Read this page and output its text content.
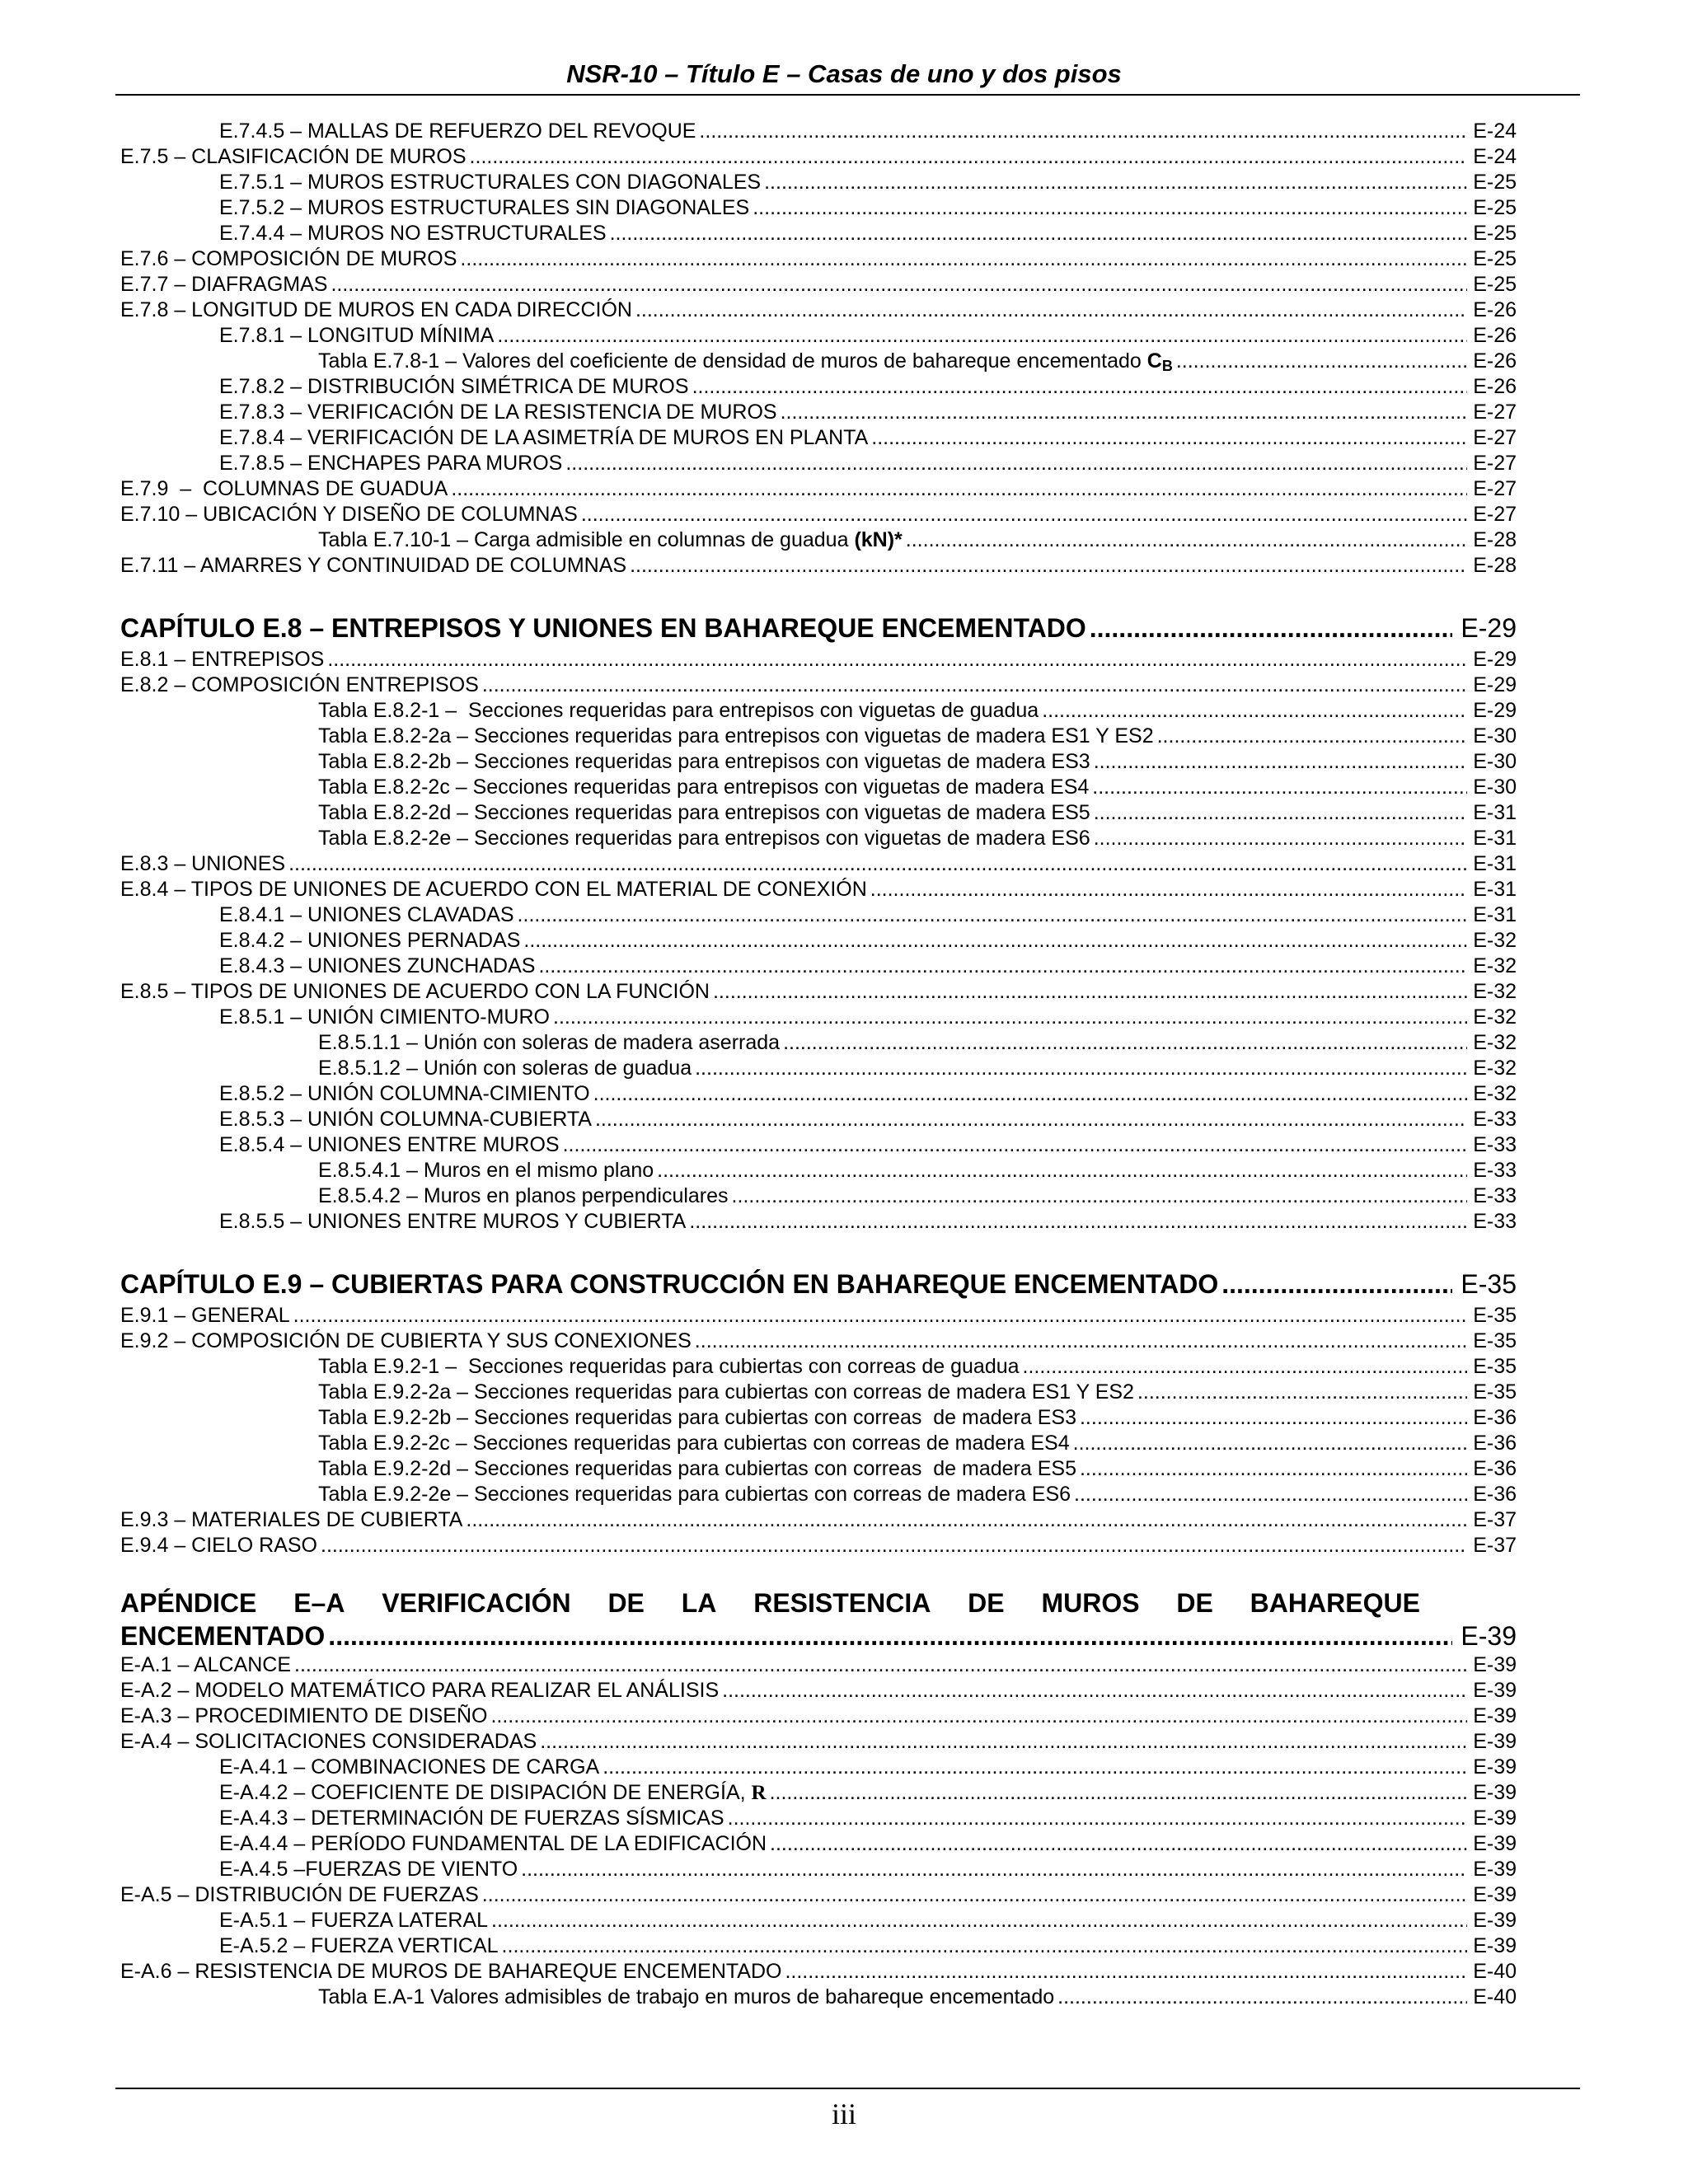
NSR-10 – Título E – Casas de uno y dos pisos
E.7.4.5 – MALLAS DE REFUERZO DEL REVOQUE .....	E-24
E.7.5 – CLASIFICACIÓN DE MUROS .....	E-24
E.7.5.1 – MUROS ESTRUCTURALES CON DIAGONALES .....	E-25
E.7.5.2 – MUROS ESTRUCTURALES SIN DIAGONALES .....	E-25
E.7.4.4 – MUROS NO ESTRUCTURALES .....	E-25
E.7.6 – COMPOSICIÓN DE MUROS .....	E-25
E.7.7 – DIAFRAGMAS .....	E-25
E.7.8 – LONGITUD DE MUROS EN CADA DIRECCIÓN .....	E-26
E.7.8.1 – LONGITUD MÍNIMA .....	E-26
Tabla E.7.8-1 – Valores del coeficiente de densidad de muros de bahareque encementado $C_B$ .....	E-26
E.7.8.2 – DISTRIBUCIÓN SIMÉTRICA DE MUROS .....	E-26
E.7.8.3 – VERIFICACIÓN DE LA RESISTENCIA DE MUROS .....	E-27
E.7.8.4 – VERIFICACIÓN DE LA ASIMETRÍA DE MUROS EN PLANTA .....	E-27
E.7.8.5 – ENCHAPES PARA MUROS .....	E-27
E.7.9  –  COLUMNAS DE GUADUA .....	E-27
E.7.10 – UBICACIÓN Y DISEÑO DE COLUMNAS .....	E-27
Tabla E.7.10-1 – Carga admisible en columnas de guadua (kN)* .....	E-28
E.7.11 – AMARRES Y CONTINUIDAD DE COLUMNAS .....	E-28
CAPÍTULO E.8 – ENTREPISOS Y UNIONES EN BAHAREQUE ENCEMENTADO .....	E-29
E.8.1 – ENTREPISOS .....	E-29
E.8.2 – COMPOSICIÓN ENTREPISOS .....	E-29
Tabla E.8.2-1 –  Secciones requeridas para entrepisos con viguetas de guadua .....	E-29
Tabla E.8.2-2a – Secciones requeridas para entrepisos con viguetas de madera ES1 Y ES2 .....	E-30
Tabla E.8.2-2b – Secciones requeridas para entrepisos con viguetas de madera ES3 .....	E-30
Tabla E.8.2-2c – Secciones requeridas para entrepisos con viguetas de madera ES4 .....	E-30
Tabla E.8.2-2d – Secciones requeridas para entrepisos con viguetas de madera ES5 .....	E-31
Tabla E.8.2-2e – Secciones requeridas para entrepisos con viguetas de madera ES6 .....	E-31
E.8.3 – UNIONES .....	E-31
E.8.4 – TIPOS DE UNIONES DE ACUERDO CON EL MATERIAL DE CONEXIÓN .....	E-31
E.8.4.1 – UNIONES CLAVADAS .....	E-31
E.8.4.2 – UNIONES PERNADAS .....	E-32
E.8.4.3 – UNIONES ZUNCHADAS .....	E-32
E.8.5 – TIPOS DE UNIONES DE ACUERDO CON LA FUNCIÓN .....	E-32
E.8.5.1 – UNIÓN CIMIENTO-MURO .....	E-32
E.8.5.1.1 – Unión con soleras de madera aserrada .....	E-32
E.8.5.1.2 – Unión con soleras de guadua .....	E-32
E.8.5.2 – UNIÓN COLUMNA-CIMIENTO .....	E-32
E.8.5.3 – UNIÓN COLUMNA-CUBIERTA .....	E-33
E.8.5.4 – UNIONES ENTRE MUROS .....	E-33
E.8.5.4.1 – Muros en el mismo plano .....	E-33
E.8.5.4.2 – Muros en planos perpendiculares .....	E-33
E.8.5.5 – UNIONES ENTRE MUROS Y CUBIERTA .....	E-33
CAPÍTULO E.9 – CUBIERTAS PARA CONSTRUCCIÓN EN BAHAREQUE ENCEMENTADO .....	E-35
E.9.1 – GENERAL .....	E-35
E.9.2 – COMPOSICIÓN DE CUBIERTA Y SUS CONEXIONES .....	E-35
Tabla E.9.2-1 –  Secciones requeridas para cubiertas con correas de guadua .....	E-35
Tabla E.9.2-2a – Secciones requeridas para cubiertas con correas de madera ES1 Y ES2 .....	E-35
Tabla E.9.2-2b – Secciones requeridas para cubiertas con correas  de madera ES3 .....	E-36
Tabla E.9.2-2c – Secciones requeridas para cubiertas con correas de madera ES4 .....	E-36
Tabla E.9.2-2d – Secciones requeridas para cubiertas con correas  de madera ES5 .....	E-36
Tabla E.9.2-2e – Secciones requeridas para cubiertas con correas de madera ES6 .....	E-36
E.9.3 – MATERIALES DE CUBIERTA .....	E-37
E.9.4 – CIELO RASO .....	E-37
APÉNDICE E–A VERIFICACIÓN DE LA RESISTENCIA DE MUROS DE BAHAREQUE
ENCEMENTADO .....	E-39
E-A.1 – ALCANCE .....	E-39
E-A.2 – MODELO MATEMÁTICO PARA REALIZAR EL ANÁLISIS .....	E-39
E-A.3 – PROCEDIMIENTO DE DISEÑO .....	E-39
E-A.4 – SOLICITACIONES CONSIDERADAS .....	E-39
E-A.4.1 – COMBINACIONES DE CARGA .....	E-39
E-A.4.2 – COEFICIENTE DE DISIPACIÓN DE ENERGÍA, R .....	E-39
E-A.4.3 – DETERMINACIÓN DE FUERZAS SÍSMICAS .....	E-39
E-A.4.4 – PERÍODO FUNDAMENTAL DE LA EDIFICACIÓN .....	E-39
E-A.4.5 –FUERZAS DE VIENTO .....	E-39
E-A.5 – DISTRIBUCIÓN DE FUERZAS .....	E-39
E-A.5.1 – FUERZA LATERAL .....	E-39
E-A.5.2 – FUERZA VERTICAL .....	E-39
E-A.6 – RESISTENCIA DE MUROS DE BAHAREQUE ENCEMENTADO .....	E-40
Tabla E.A-1 Valores admisibles de trabajo en muros de bahareque encementado .....	E-40
iii
